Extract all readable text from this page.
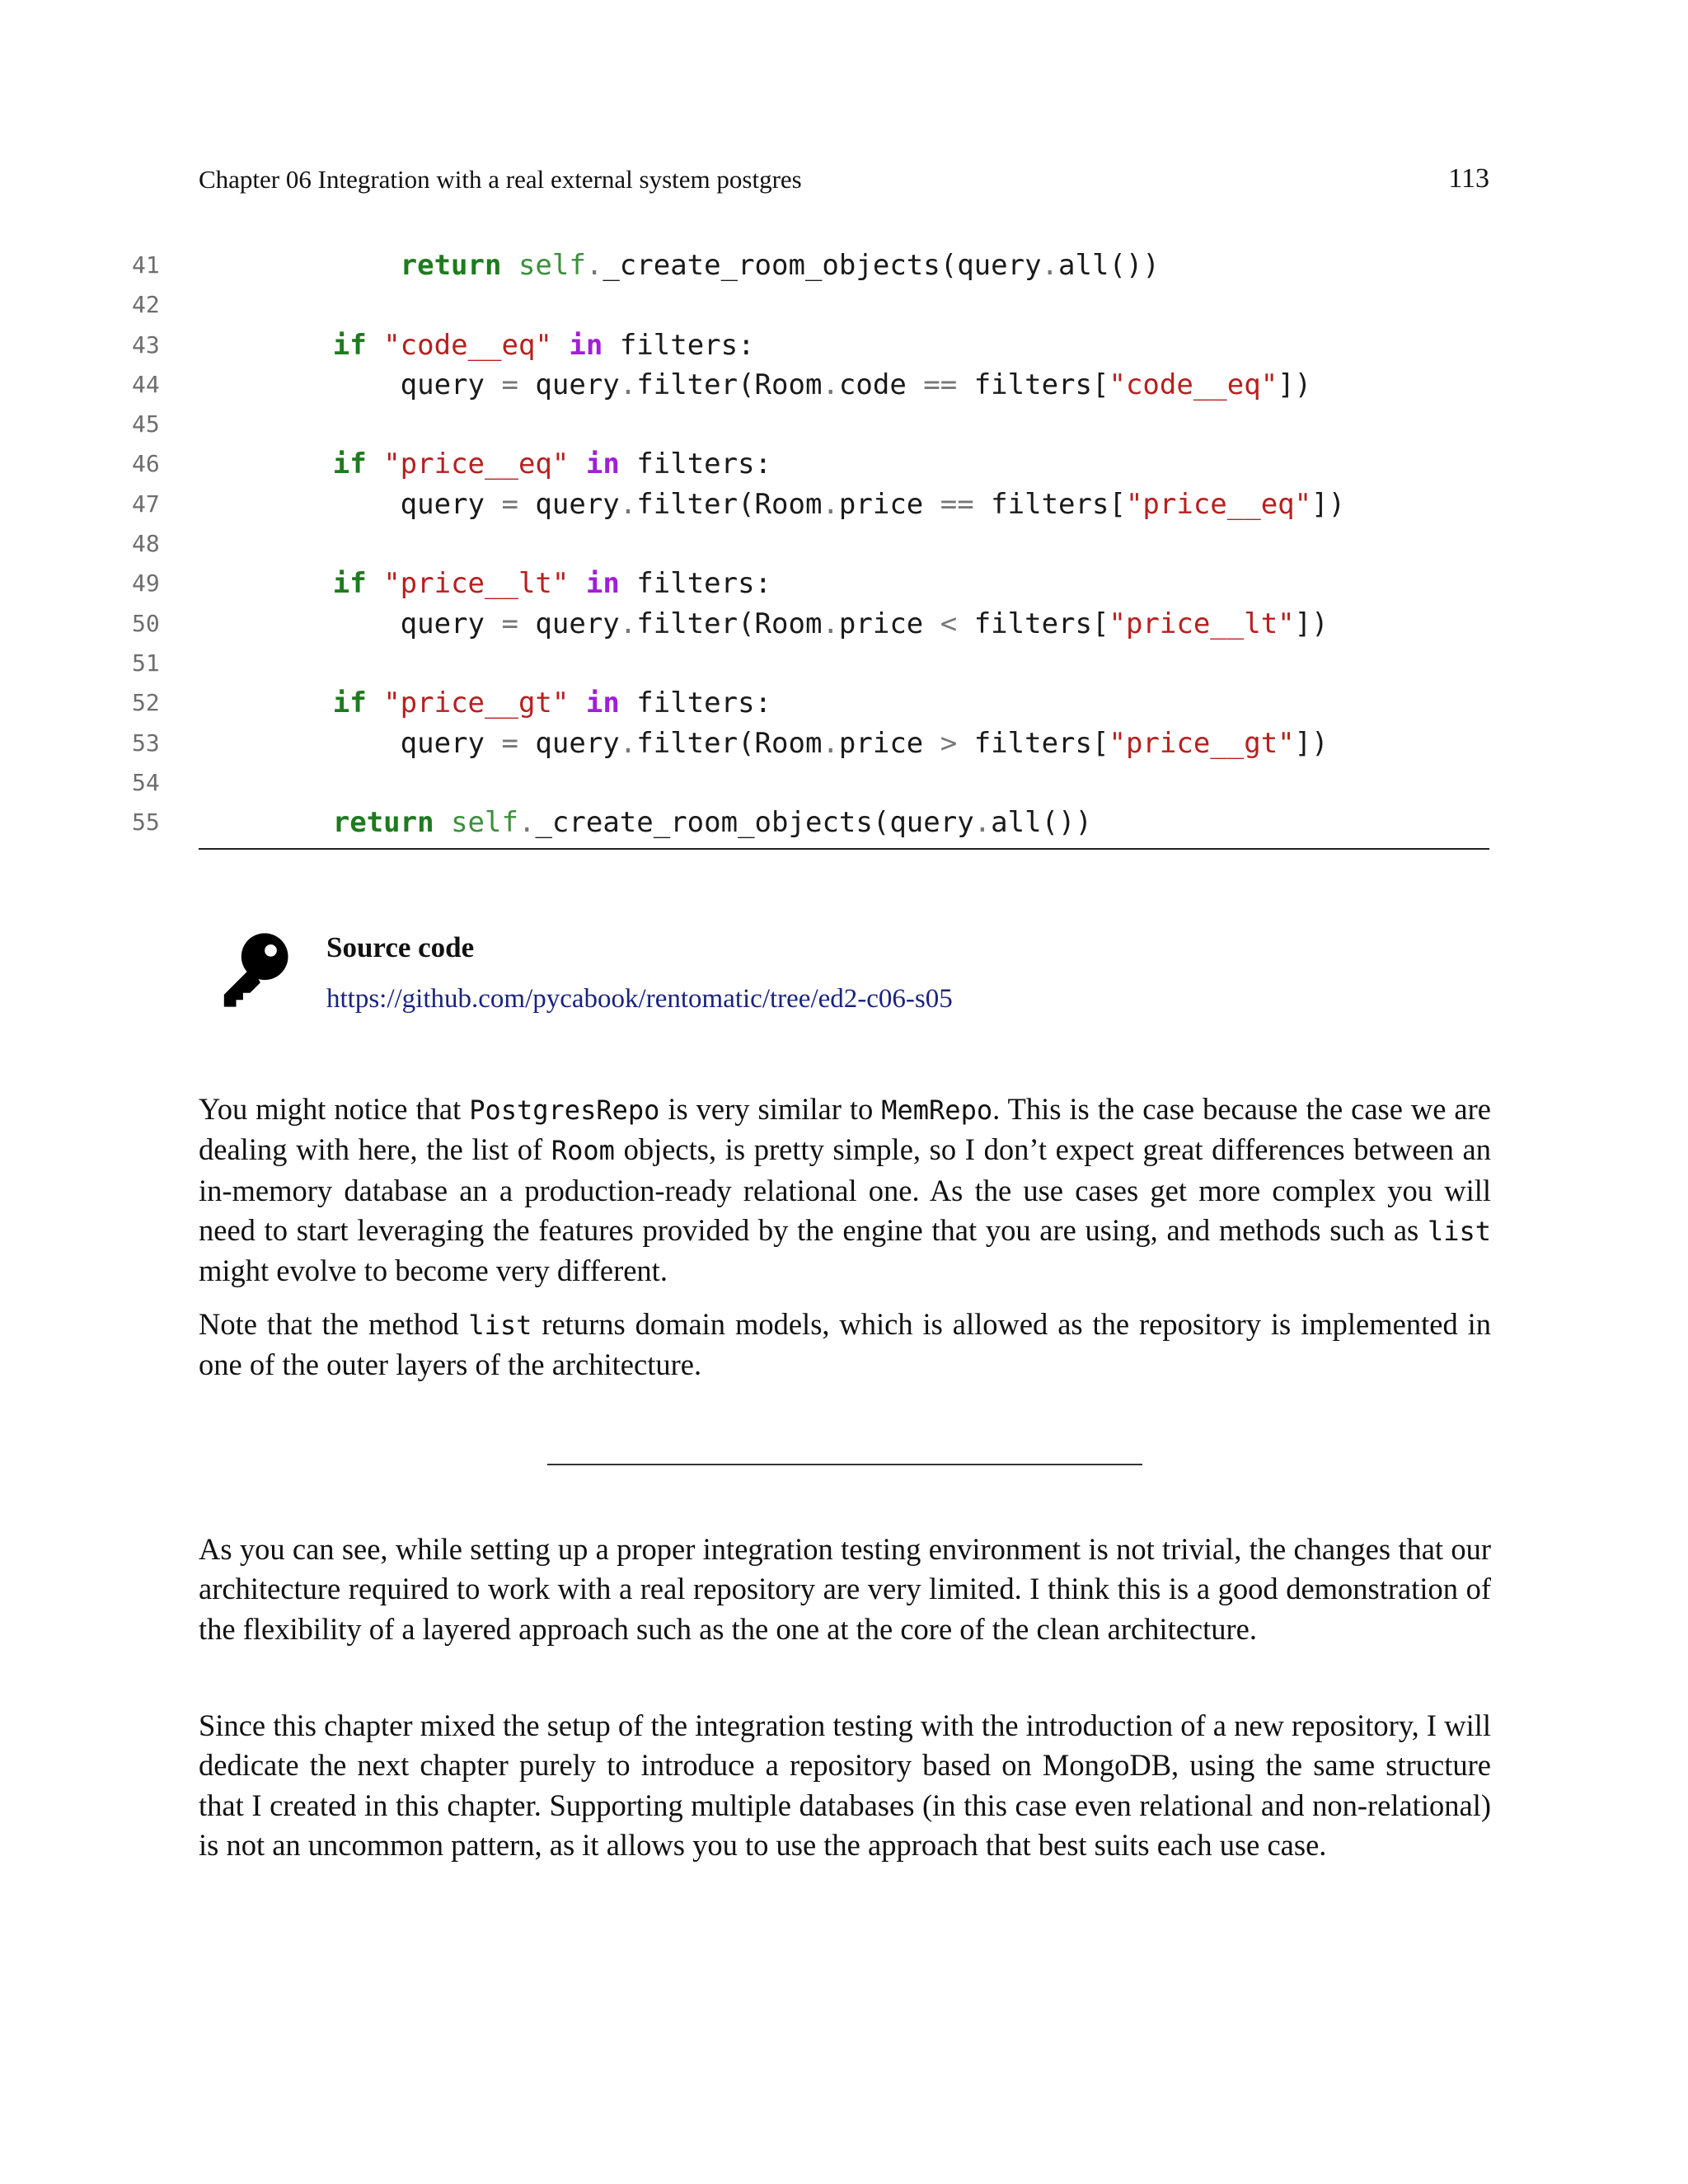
Chapter 06 Integration with a real external system postgres	113
41	return self._create_room_objects(query.all())
42
43	if "code__eq" in filters:
44	query = query.filter(Room.code == filters["code__eq"])
45
46	if "price__eq" in filters:
47	query = query.filter(Room.price == filters["price__eq"])
48
49	if "price__lt" in filters:
50	query = query.filter(Room.price < filters["price__lt"])
51
52	if "price__gt" in filters:
53	query = query.filter(Room.price > filters["price__gt"])
54
55	return self._create_room_objects(query.all())
Source code
https://github.com/pycabook/rentomatic/tree/ed2-c06-s05

You might notice that PostgresRepo is very similar to MemRepo. This is the case because the case we are dealing with here, the list of Room objects, is pretty simple, so I don’t expect great differences between an in-memory database an a production-ready relational one. As the use cases get more complex you will need to start leveraging the features provided by the engine that you are using, and methods such as list might evolve to become very different.

Note that the method list returns domain models, which is allowed as the repository is implemented in one of the outer layers of the architecture.

As you can see, while setting up a proper integration testing environment is not trivial, the changes that our architecture required to work with a real repository are very limited. I think this is a good demonstration of the flexibility of a layered approach such as the one at the core of the clean architecture.

Since this chapter mixed the setup of the integration testing with the introduction of a new repository, I will dedicate the next chapter purely to introduce a repository based on MongoDB, using the same structure that I created in this chapter. Supporting multiple databases (in this case even relational and non-relational) is not an uncommon pattern, as it allows you to use the approach that best suits each use case.
